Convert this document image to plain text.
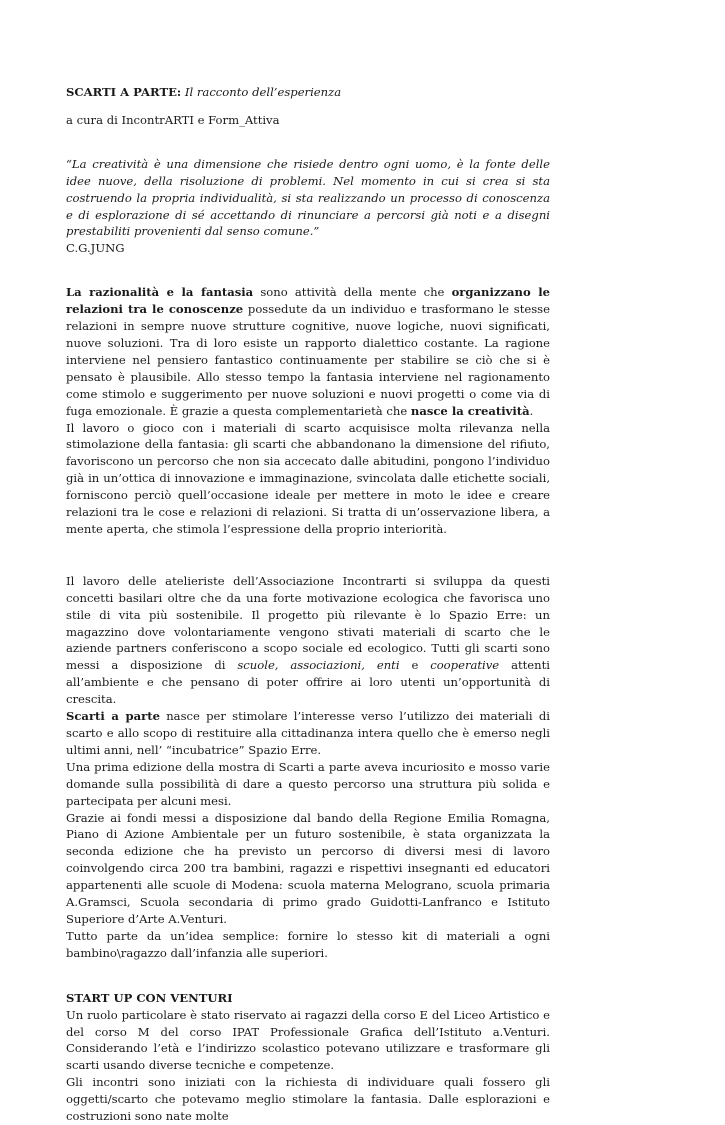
SCARTI A PARTE: Il racconto dell’esperienza

a cura di IncontrARTI e Form_Attiva

“La creatività è una dimensione che risiede dentro ogni uomo, è la fonte delle idee nuove, della risoluzione di problemi. Nel momento in cui si crea si sta costruendo la propria individualità, si sta realizzando un processo di conoscenza e di esplorazione di sé accettando di rinunciare a percorsi già noti e a disegni prestabiliti provenienti dal senso comune.”

C.G.JUNG

La razionalità e la fantasia sono attività della mente che organizzano le relazioni tra le conoscenze possedute da un individuo e trasformano le stesse relazioni in sempre nuove strutture cognitive, nuove logiche, nuovi significati, nuove soluzioni. Tra di loro esiste un rapporto dialettico costante. La ragione interviene nel pensiero fantastico continuamente per stabilire se ciò che si è pensato è plausibile. Allo stesso tempo la fantasia interviene nel ragionamento come stimolo e suggerimento per nuove soluzioni e nuovi progetti o come via di fuga emozionale. È grazie a questa complementarietà che nasce la creatività.

Il lavoro o gioco con i materiali di scarto acquisisce molta rilevanza nella stimolazione della fantasia: gli scarti che abbandonano la dimensione del rifiuto, favoriscono un percorso che non sia accecato dalle abitudini, pongono l’individuo già in un’ottica di innovazione e immaginazione, svincolata dalle etichette sociali, forniscono perciò quell’occasione ideale per mettere in moto le idee e creare relazioni tra le cose e relazioni di relazioni. Si tratta di un’osservazione libera, a mente aperta, che stimola l’espressione della proprio interiorità.

Il lavoro delle atelieriste dell’Associazione Incontrarti si sviluppa da questi concetti basilari oltre che da una forte motivazione ecologica che favorisca uno stile di vita più sostenibile. Il progetto più rilevante è lo Spazio Erre: un magazzino dove volontariamente vengono stivati materiali di scarto che le aziende partners conferiscono a scopo sociale ed ecologico. Tutti gli scarti sono messi a disposizione di scuole, associazioni, enti e cooperative attenti all’ambiente e che pensano di poter offrire ai loro utenti un’opportunità di crescita.

Scarti a parte nasce per stimolare l’interesse verso l’utilizzo dei materiali di scarto e allo scopo di restituire alla cittadinanza intera quello che è emerso negli ultimi anni, nell’ “incubatrice” Spazio Erre.

Una prima edizione della mostra di Scarti a parte aveva incuriosito e mosso varie domande sulla possibilità di dare a questo percorso una struttura più solida e partecipata per alcuni mesi.

Grazie ai fondi messi a disposizione dal bando della Regione Emilia Romagna, Piano di Azione Ambientale per un futuro sostenibile, è stata organizzata la seconda edizione che ha previsto un percorso di diversi mesi di lavoro coinvolgendo circa 200 tra bambini, ragazzi e rispettivi insegnanti ed educatori appartenenti alle scuole di Modena: scuola materna Melograno, scuola primaria A.Gramsci, Scuola secondaria di primo grado Guidotti-Lanfranco e Istituto Superiore d’Arte A.Venturi.

Tutto parte da un’idea semplice: fornire lo stesso kit di materiali a ogni bambino\ragazzo dall’infanzia alle superiori.

START UP CON VENTURI

Un ruolo particolare è stato riservato ai ragazzi della corso E del Liceo Artistico e del corso M del corso IPAT Professionale Grafica dell’Istituto a.Venturi. Considerando l’età e l’indirizzo scolastico potevano utilizzare e trasformare gli scarti usando diverse tecniche e competenze.

Gli incontri sono iniziati con la richiesta di individuare quali fossero gli oggetti/scarto che potevamo meglio stimolare la fantasia. Dalle esplorazioni e costruzioni sono nate molte
